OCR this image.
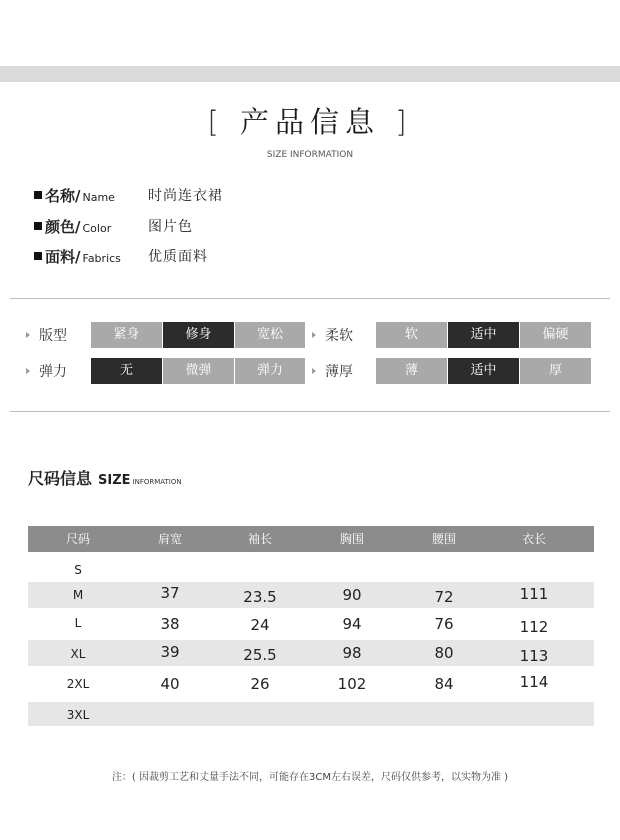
[ 产品信息 ]
SIZE INFORMATION
名称/ Name 时尚连衣裙
颜色/ Color	图片色
面料/ Fabrics 优质面料
版型	紧身	修身	宽松	柔软	软	适中	偏硬
弹力	无	微弹	弹力	薄厚	薄	适中	厚
尺码信息 SIZE INFORMATION
尺码	肩宽	袖长	胸围	腰围	衣长
S
M	37	23.5	90	72	111
L	38	24	94	76	112
XL	39	25.5	98	80	113
2XL	40	26	102	84	114
3XL
注：( 因裁剪工艺和丈量手法不同，可能存在3CM左右误差，尺码仅供参考，以实物为准 )
